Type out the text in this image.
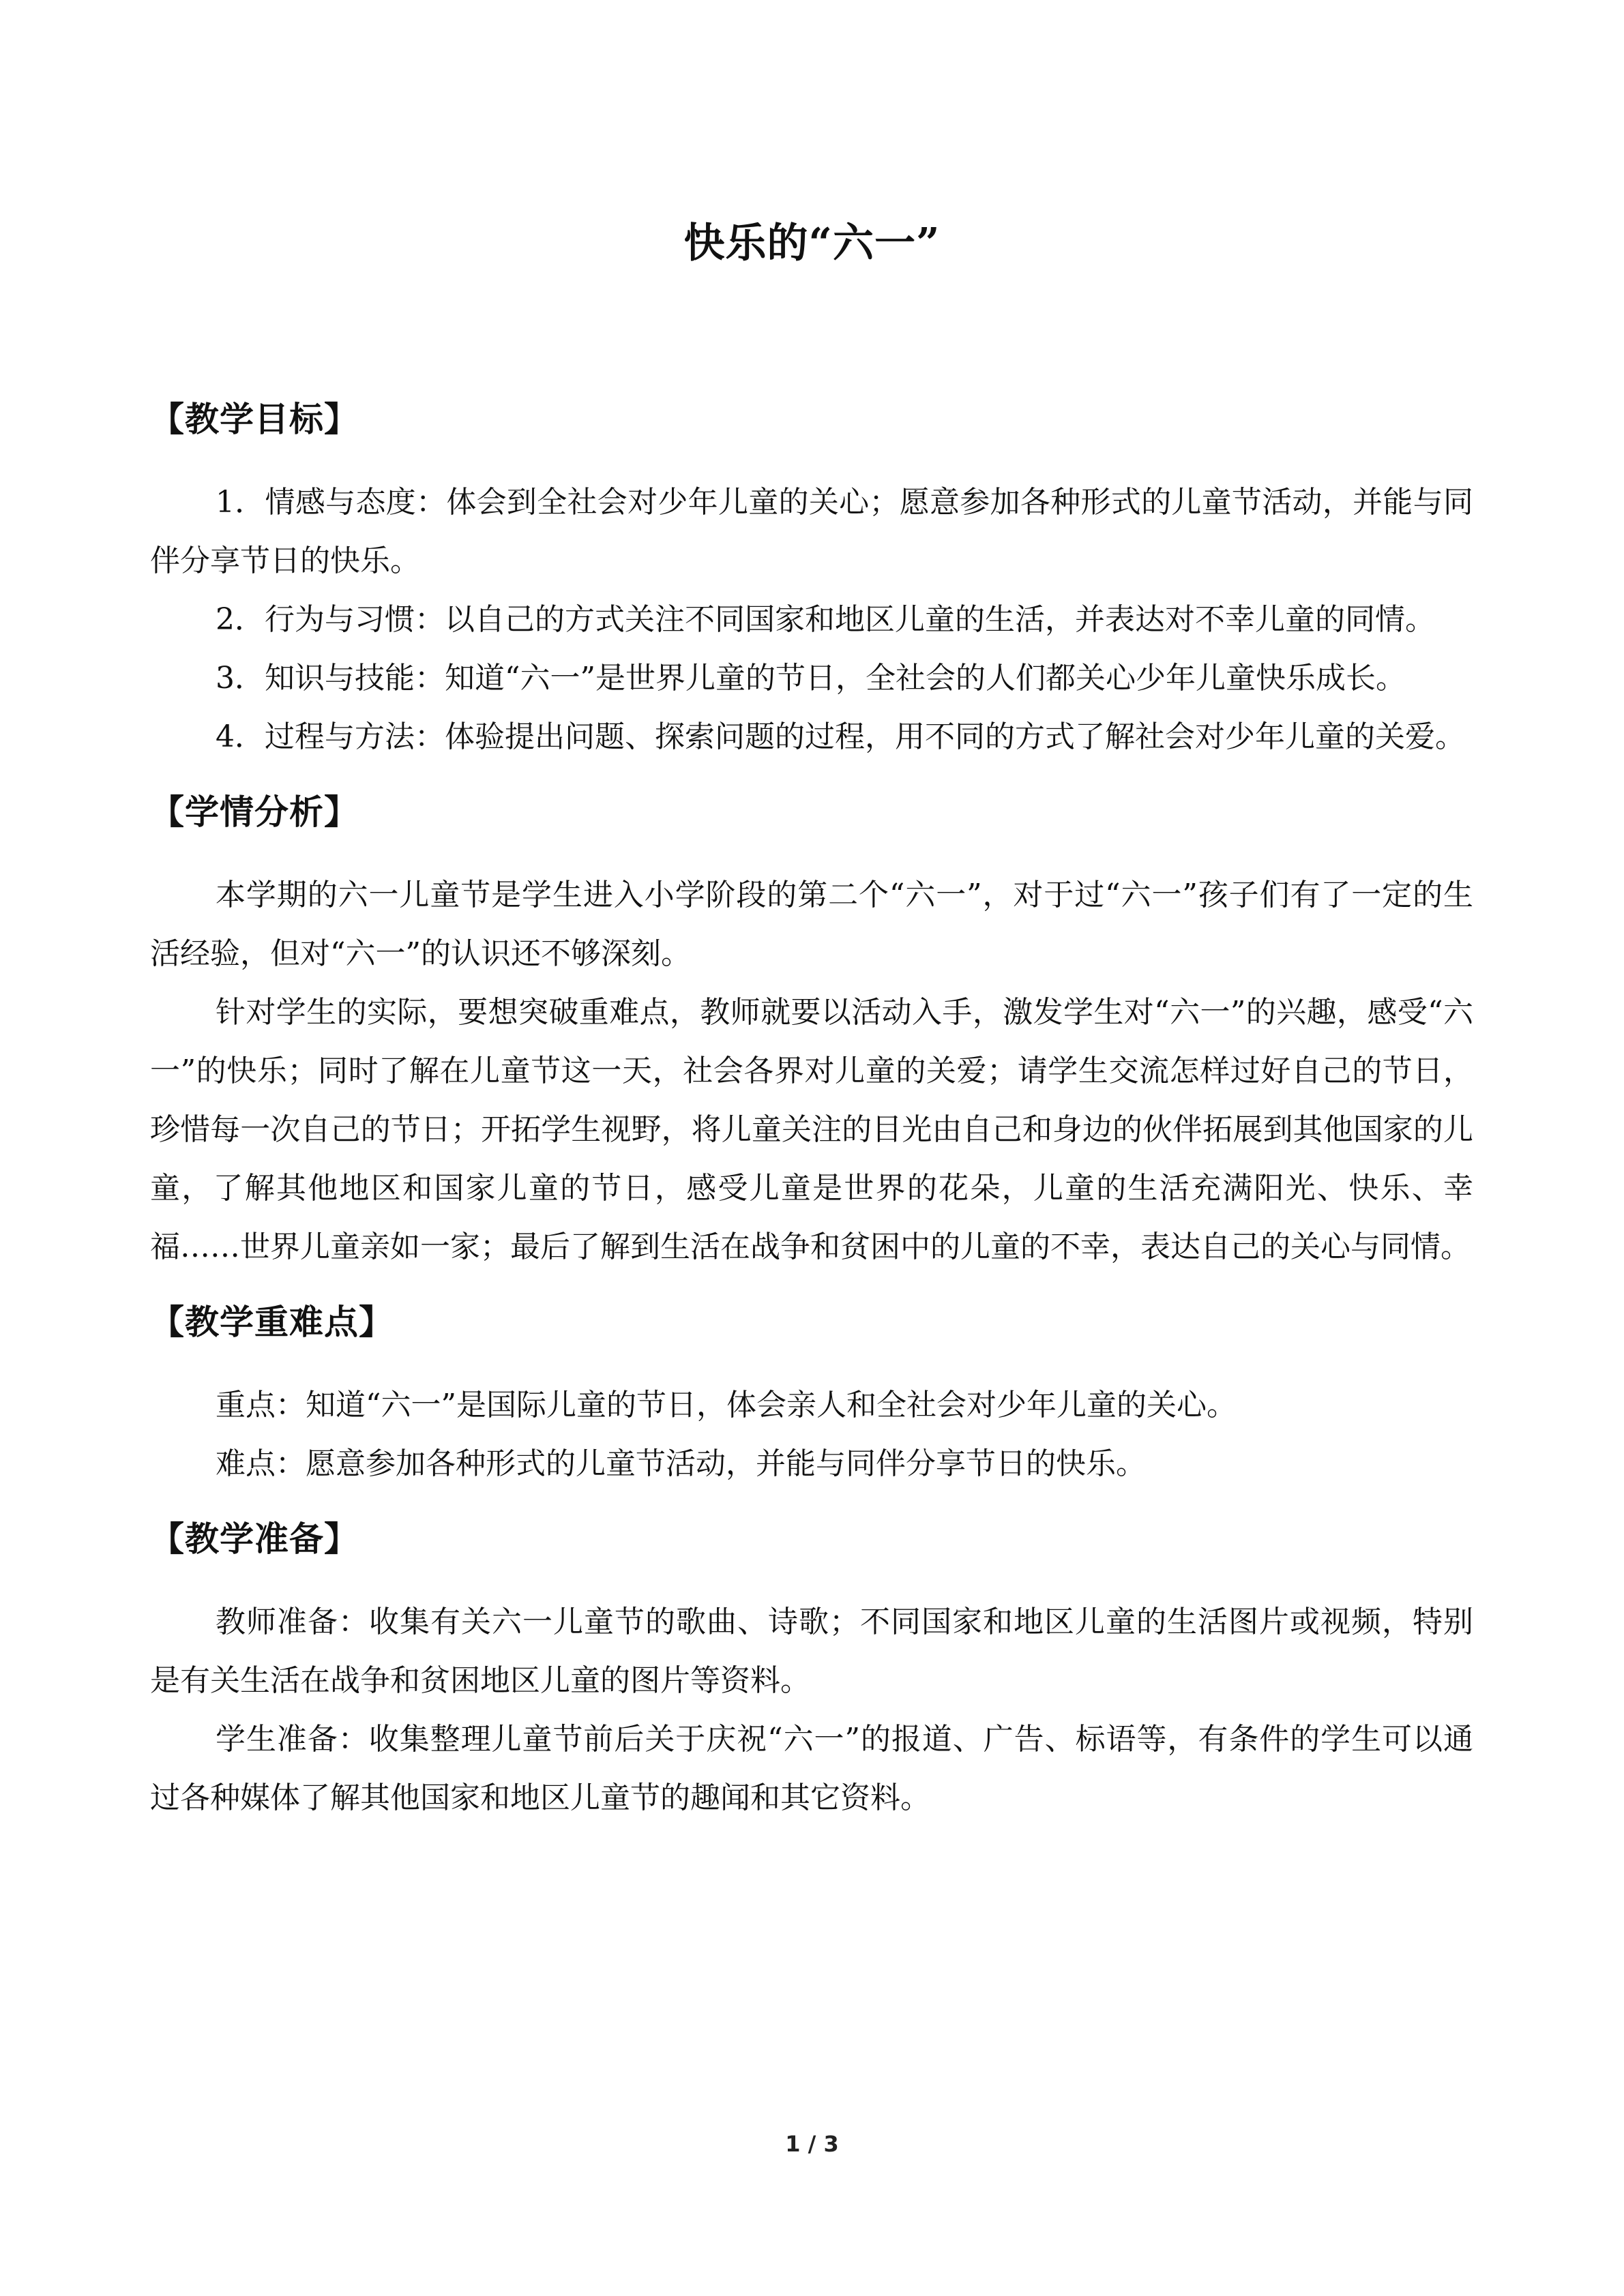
快乐的“六一”
【教学目标】

1．情感与态度：体会到全社会对少年儿童的关心；愿意参加各种形式的儿童节活动，并能与同伴分享节日的快乐。

2．行为与习惯：以自己的方式关注不同国家和地区儿童的生活，并表达对不幸儿童的同情。

3．知识与技能：知道“六一”是世界儿童的节日，全社会的人们都关心少年儿童快乐成长。

4．过程与方法：体验提出问题、探索问题的过程，用不同的方式了解社会对少年儿童的关爱。

【学情分析】

本学期的六一儿童节是学生进入小学阶段的第二个“六一”，对于过“六一”孩子们有了一定的生活经验，但对“六一”的认识还不够深刻。

针对学生的实际，要想突破重难点，教师就要以活动入手，激发学生对“六一”的兴趣，感受“六一”的快乐；同时了解在儿童节这一天，社会各界对儿童的关爱；请学生交流怎样过好自己的节日，珍惜每一次自己的节日；开拓学生视野，将儿童关注的目光由自己和身边的伙伴拓展到其他国家的儿童，了解其他地区和国家儿童的节日，感受儿童是世界的花朵，儿童的生活充满阳光、快乐、幸福……世界儿童亲如一家；最后了解到生活在战争和贫困中的儿童的不幸，表达自己的关心与同情。

【教学重难点】

重点：知道“六一”是国际儿童的节日，体会亲人和全社会对少年儿童的关心。

难点：愿意参加各种形式的儿童节活动，并能与同伴分享节日的快乐。

【教学准备】

教师准备：收集有关六一儿童节的歌曲、诗歌；不同国家和地区儿童的生活图片或视频，特别是有关生活在战争和贫困地区儿童的图片等资料。

学生准备：收集整理儿童节前后关于庆祝“六一”的报道、广告、标语等，有条件的学生可以通过各种媒体了解其他国家和地区儿童节的趣闻和其它资料。

1 / 3
